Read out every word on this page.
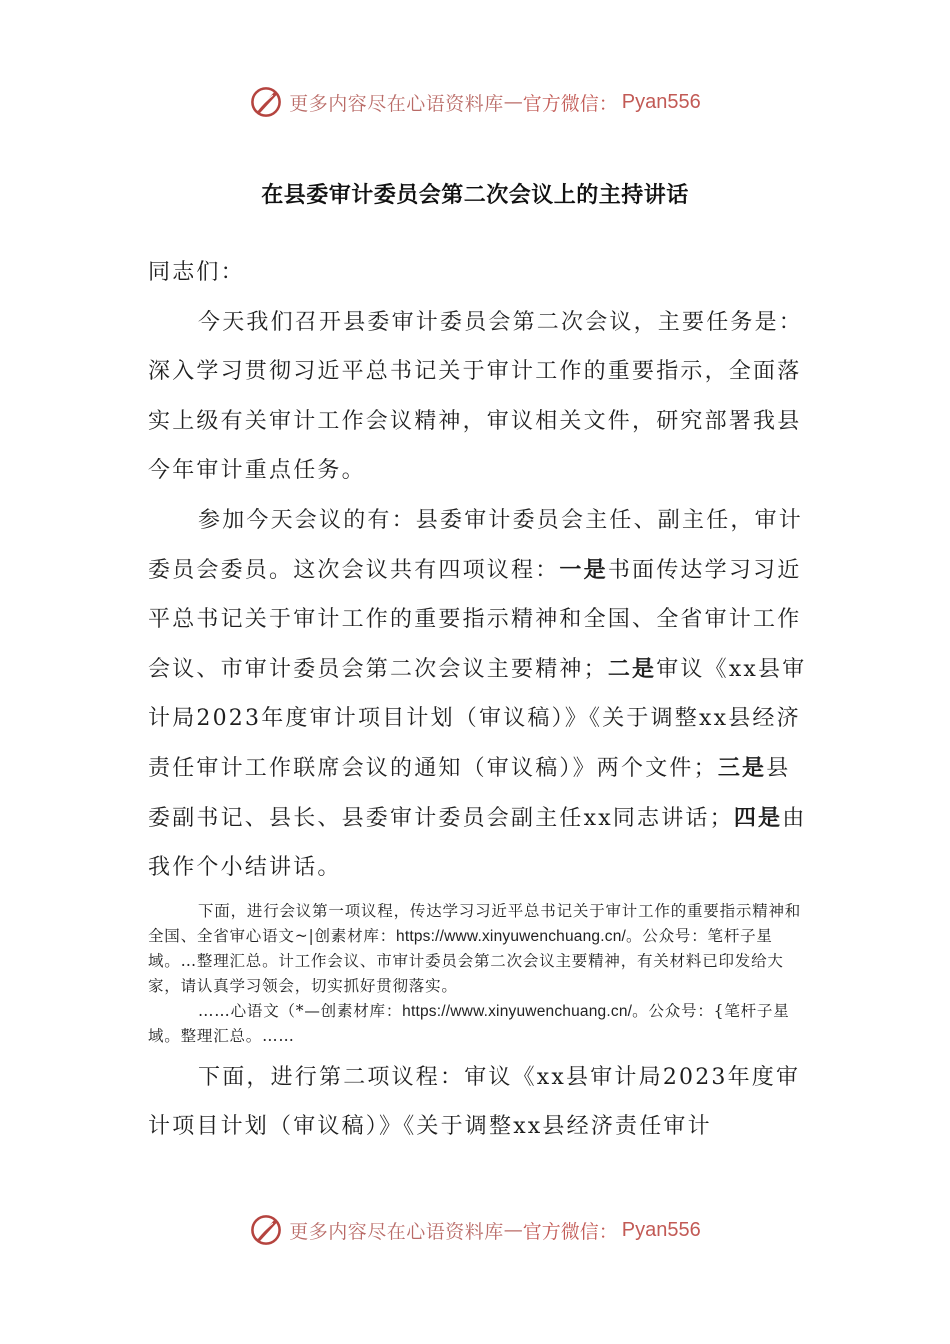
更多内容尽在心语资料库 — 官方微信： Pyan556
在县委审计委员会第二次会议上的主持讲话

同志们：

今天我们召开县委审计委员会第二次会议，主要任务是：深入学习贯彻习近平总书记关于审计工作的重要指示，全面落实上级有关审计工作会议精神，审议相关文件，研究部署我县今年审计重点任务。

参加今天会议的有：县委审计委员会主任、副主任，审计委员会委员。这次会议共有四项议程：一是书面传达学习习近平总书记关于审计工作的重要指示精神和全国、全省审计工作会议、市审计委员会第二次会议主要精神；二是审议《xx县审计局2023年度审计项目计划（审议稿）》《关于调整xx县经济责任审计工作联席会议的通知（审议稿）》两个文件；三是县委副书记、县长、县委审计委员会副主任xx同志讲话；四是由我作个小结讲话。

下面，进行会议第一项议程，传达学习习近平总书记关于审计工作的重要指示精神和全国、全省审心语文~|创素材库：https://www.xinyuwenchuang.cn/。公众号：笔杆子星域。…整理汇总。计工作会议、市审计委员会第二次会议主要精神，有关材料已印发给大家，请认真学习领会，切实抓好贯彻落实。

……心语文（*—创素材库：https://www.xinyuwenchuang.cn/。公众号：{笔杆子星域。整理汇总。……

下面，进行第二项议程：审议《xx县审计局2023年度审计项目计划（审议稿）》《关于调整xx县经济责任审计

更多内容尽在心语资料库 — 官方微信： Pyan556
